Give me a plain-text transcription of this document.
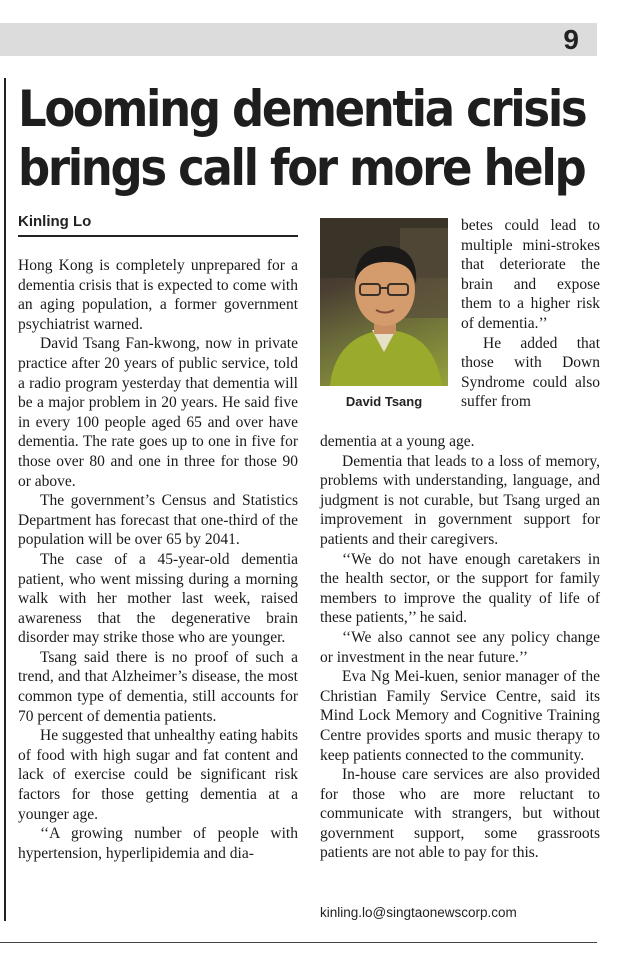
9
Looming dementia crisis
brings call for more help
Kinling Lo

Hong Kong is completely unprepared for a dementia crisis that is expected to come with an aging population, a former government psychiatrist warned.

David Tsang Fan-kwong, now in private practice after 20 years of public service, told a radio program yesterday that dementia will be a major problem in 20 years. He said five in every 100 people aged 65 and over have dementia. The rate goes up to one in five for those over 80 and one in three for those 90 or above.

The government’s Census and Statistics Department has forecast that one-third of the population will be over 65 by 2041.

The case of a 45-year-old dementia patient, who went missing during a morning walk with her mother last week, raised awareness that the degenerative brain disorder may strike those who are younger.

Tsang said there is no proof of such a trend, and that Alzheimer’s disease, the most common type of dementia, still accounts for 70 percent of dementia patients.

He suggested that unhealthy eating habits of food with high sugar and fat content and lack of exercise could be significant risk factors for those getting dementia at a younger age.

‘‘A growing number of people with hypertension, hyperlipidemia and dia-

David Tsang

betes could lead to multiple mini-strokes that deteriorate the brain and expose them to a higher risk of dementia.’’

He added that those with Down Syndrome could also suffer from

dementia at a young age.

Dementia that leads to a loss of memory, problems with understanding, language, and judgment is not curable, but Tsang urged an improvement in government support for patients and their caregivers.

‘‘We do not have enough caretakers in the health sector, or the support for family members to improve the quality of life of these patients,’’ he said.

‘‘We also cannot see any policy change or investment in the near future.’’

Eva Ng Mei-kuen, senior manager of the Christian Family Service Centre, said its Mind Lock Memory and Cognitive Training Centre provides sports and music therapy to keep patients connected to the community.

In-house care services are also provided for those who are more reluctant to communicate with strangers, but without government support, some grassroots patients are not able to pay for this.

kinling.lo@singtaonewscorp.com
